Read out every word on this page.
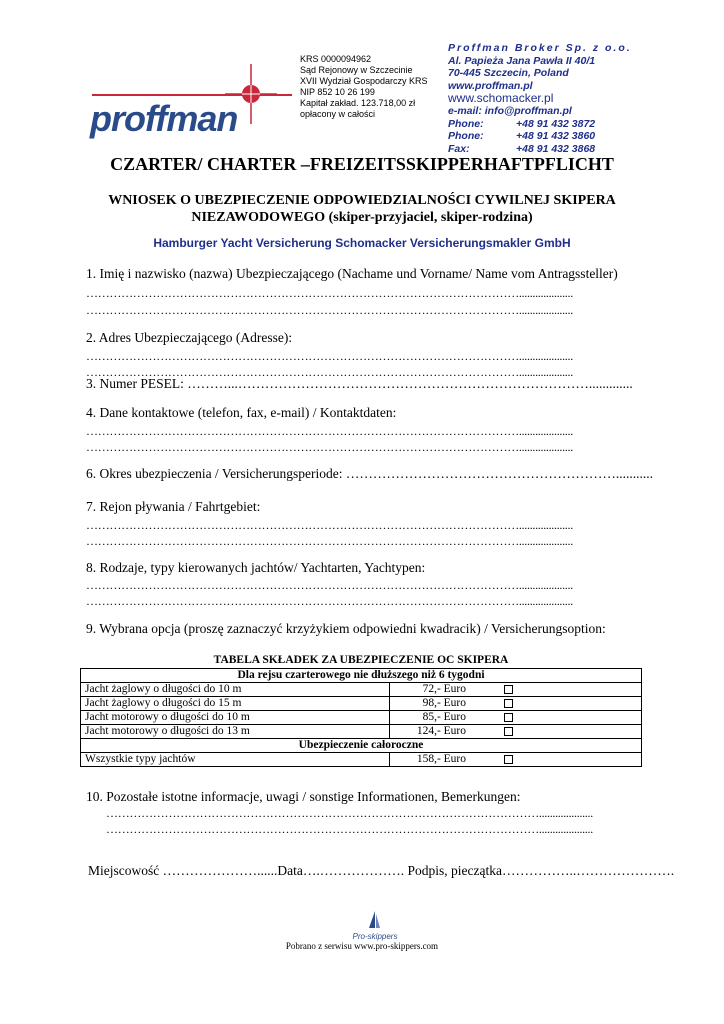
proffman
KRS 0000094962
Sąd Rejonowy w Szczecinie
XVII Wydział Gospodarczy KRS
NIP 852 10 26 199
Kapitał zakład. 123.718,00 zł
opłacony w całości
Proffman Broker Sp. z o.o.
Al. Papieża Jana Pawła II 40/1
70-445 Szczecin, Poland
www.proffman.pl
www.schomacker.pl
e-mail: info@proffman.pl
Phone:	+48 91 432 3872
Phone:	+48 91 432 3860
Fax:	+48 91 432 3868
CZARTER/ CHARTER –FREIZEITSSKIPPERHAFTPFLICHT
WNIOSEK O UBEZPIECZENIE ODPOWIEDZIALNOŚCI CYWILNEJ SKIPERA
NIEZAWODOWEGO (skiper-przyjaciel, skiper-rodzina)
Hamburger Yacht Versicherung Schomacker Versicherungsmakler GmbH
1. Imię i nazwisko (nazwa) Ubezpieczającego (Nachame und Vorname/ Name vom Antragssteller)
…………………………………………………………………………………………………....................
…………………………………………………………………………………………………....................
2. Adres Ubezpieczającego (Adresse):
…………………………………………………………………………………………………....................
…………………………………………………………………………………………………....................
3. Numer PESEL: ………...…………………………………………………………………….............
4. Dane kontaktowe (telefon, fax, e-mail) / Kontaktdaten:
…………………………………………………………………………………………………....................
…………………………………………………………………………………………………....................
6. Okres ubezpieczenia / Versicherungsperiode: ……………………………………………………...........
7. Rejon pływania / Fahrtgebiet:
…………………………………………………………………………………………………....................
…………………………………………………………………………………………………....................
8. Rodzaje, typy kierowanych jachtów/ Yachtarten, Yachtypen:
…………………………………………………………………………………………………....................
…………………………………………………………………………………………………....................
9. Wybrana opcja (proszę zaznaczyć krzyżykiem odpowiedni kwadracik) / Versicherungsoption:
TABELA SKŁADEK ZA UBEZPIECZENIE OC SKIPERA
Dla rejsu czarterowego nie dłuższego niż 6 tygodni	
Jacht żaglowy o długości do 10 m	72,- Euro
Jacht żaglowy o długości do 15 m	98,- Euro
Jacht motorowy o długości do 10 m	85,- Euro
Jacht motorowy o długości do 13 m	124,- Euro
Ubezpieczenie całoroczne	
Wszystkie typy jachtów	158,- Euro
10. Pozostałe istotne informacje, uwagi / sonstige Informationen, Bemerkungen:
…………………………………………………………………………………………………....................
…………………………………………………………………………………………………....................
Miejscowość …………………......Data….………………. Podpis, pieczątka……………..………………….
Pro-skippers
Pobrano z serwisu www.pro-skippers.com
